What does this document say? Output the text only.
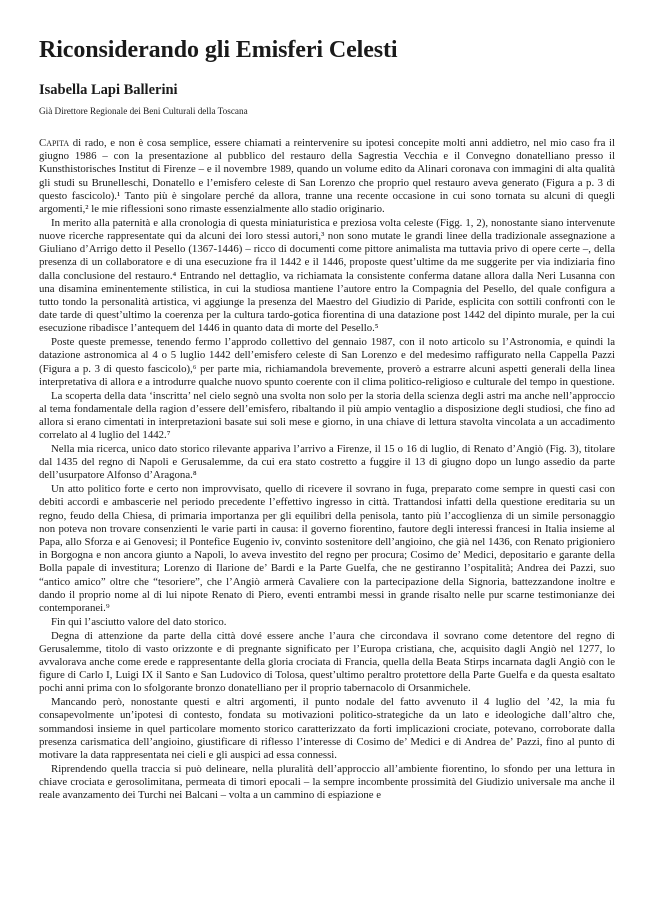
Riconsiderando gli Emisferi Celesti
Isabella Lapi Ballerini
Già Direttore Regionale dei Beni Culturali della Toscana

Capita di rado, e non è cosa semplice, essere chiamati a reintervenire su ipotesi concepite molti anni addietro, nel mio caso fra il giugno 1986 – con la presentazione al pubblico del restauro della Sagrestia Vecchia e il Convegno donatelliano presso il Kunsthistorisches Institut di Firenze – e il novembre 1989, quando un volume edito da Alinari coronava con immagini di alta qualità gli studi su Brunelleschi, Donatello e l’emisfero celeste di San Lorenzo che proprio quel restauro aveva generato (Figura a p. 3 di questo fascicolo).¹ Tanto più è singolare perché da allora, tranne una recente occasione in cui sono tornata su alcuni di quegli argomenti,² le mie riflessioni sono rimaste essenzialmente allo stadio originario.

In merito alla paternità e alla cronologia di questa miniaturistica e preziosa volta celeste (Figg. 1, 2), nonostante siano intervenute nuove ricerche rappresentate qui da alcuni dei loro stessi autori,³ non sono mutate le grandi linee della tradizionale assegnazione a Giuliano d’Arrigo detto il Pesello (1367-1446) – ricco di documenti come pittore animalista ma tuttavia privo di opere certe –, della presenza di un collaboratore e di una esecuzione fra il 1442 e il 1446, proposte quest’ultime da me suggerite per via indiziaria fino dalla conclusione del restauro.⁴ Entrando nel dettaglio, va richiamata la consistente conferma datane allora dalla Neri Lusanna con una disamina eminentemente stilistica, in cui la studiosa mantiene l’autore entro la Compagnia del Pesello, del quale configura a tutto tondo la personalità artistica, vi aggiunge la presenza del Maestro del Giudizio di Paride, esplicita con sottili confronti con le date tarde di quest’ultimo la coerenza per la cultura tardo-gotica fiorentina di una datazione post 1442 del dipinto murale, per la cui esecuzione ribadisce l’antequem del 1446 in quanto data di morte del Pesello.⁵

Poste queste premesse, tenendo fermo l’approdo collettivo del gennaio 1987, con il noto articolo su l’Astronomia, e quindi la datazione astronomica al 4 o 5 luglio 1442 dell’emisfero celeste di San Lorenzo e del medesimo raffigurato nella Cappella Pazzi (Figura a p. 3 di questo fascicolo),⁶ per parte mia, richiamandola brevemente, proverò a estrarre alcuni aspetti generali della linea interpretativa di allora e a introdurre qualche nuovo spunto coerente con il clima politico-religioso e culturale del tempo in questione.

La scoperta della data ‘inscritta’ nel cielo segnò una svolta non solo per la storia della scienza degli astri ma anche nell’approccio al tema fondamentale della ragion d’essere dell’emisfero, ribaltando il più ampio ventaglio a disposizione degli studiosi, che fino ad allora si erano cimentati in interpretazioni basate sui soli mese e giorno, in una chiave di lettura stavolta vincolata a un accadimento correlato al 4 luglio del 1442.⁷

Nella mia ricerca, unico dato storico rilevante appariva l’arrivo a Firenze, il 15 o 16 di luglio, di Renato d’Angiò (Fig. 3), titolare dal 1435 del regno di Napoli e Gerusalemme, da cui era stato costretto a fuggire il 13 di giugno dopo un lungo assedio da parte dell’usurpatore Alfonso d’Aragona.⁸

Un atto politico forte e certo non improvvisato, quello di ricevere il sovrano in fuga, preparato come sempre in questi casi con debiti accordi e ambascerie nel periodo precedente l’effettivo ingresso in città. Trattandosi infatti della questione ereditaria su un regno, feudo della Chiesa, di primaria importanza per gli equilibri della penisola, tanto più l’accoglienza di un simile personaggio non poteva non trovare consenzienti le varie parti in causa: il governo fiorentino, fautore degli interessi francesi in Italia insieme al Papa, allo Sforza e ai Genovesi; il Pontefice Eugenio iv, convinto sostenitore dell’angioino, che già nel 1436, con Renato prigioniero in Borgogna e non ancora giunto a Napoli, lo aveva investito del regno per procura; Cosimo de’ Medici, depositario e garante della Bolla papale di investitura; Lorenzo di Ilarione de’ Bardi e la Parte Guelfa, che ne gestiranno l’ospitalità; Andrea dei Pazzi, suo “antico amico” oltre che “tesoriere”, che l’Angiò armerà Cavaliere con la partecipazione della Signoria, battezzandone inoltre e dando il proprio nome al di lui nipote Renato di Piero, eventi entrambi messi in grande risalto nelle pur scarne testimonianze dei contemporanei.⁹

Fin qui l’asciutto valore del dato storico.

Degna di attenzione da parte della città dové essere anche l’aura che circondava il sovrano come detentore del regno di Gerusalemme, titolo di vasto orizzonte e di pregnante significato per l’Europa cristiana, che, acquisito dagli Angiò nel 1277, lo avvalorava anche come erede e rappresentante della gloria crociata di Francia, quella della Beata Stirps incarnata dagli Angiò con le figure di Carlo I, Luigi IX il Santo e San Ludovico di Tolosa, quest’ultimo peraltro protettore della Parte Guelfa e da questa esaltato pochi anni prima con lo sfolgorante bronzo donatelliano per il proprio tabernacolo di Orsanmichele.

Mancando però, nonostante questi e altri argomenti, il punto nodale del fatto avvenuto il 4 luglio del ’42, la mia fu consapevolmente un’ipotesi di contesto, fondata su motivazioni politico-strategiche da un lato e ideologiche dall’altro che, sommandosi insieme in quel particolare momento storico caratterizzato da forti implicazioni crociate, potevano, corroborate dalla presenza carismatica dell’angioino, giustificare di riflesso l’interesse di Cosimo de’ Medici e di Andrea de’ Pazzi, fino al punto di motivare la data rappresentata nei cieli e gli auspici ad essa connessi.

Riprendendo quella traccia si può delineare, nella pluralità dell’approccio all’ambiente fiorentino, lo sfondo per una lettura in chiave crociata e gerosolimitana, permeata di timori epocali – la sempre incombente prossimità del Giudizio universale ma anche il reale avanzamento dei Turchi nei Balcani – volta a un cammino di espiazione e
